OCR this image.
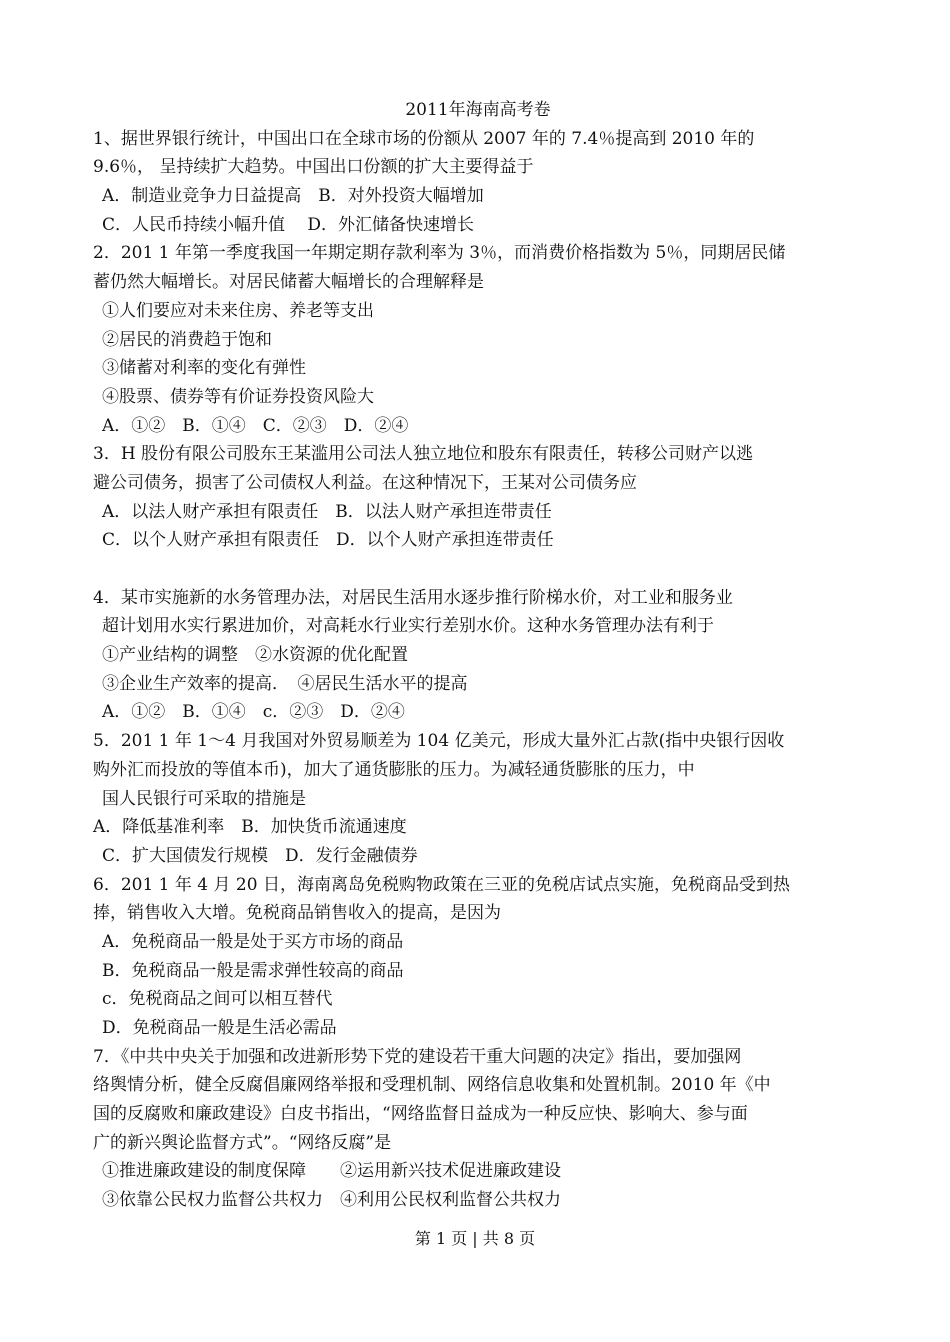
2011年海南高考卷
1、据世界银行统计，中国出口在全球市场的份额从 2007 年的 7.4％提高到 2010 年的
9.6％， 呈持续扩大趋势。中国出口份额的扩大主要得益于
A．制造业竞争力日益提高　B．对外投资大幅增加
C．人民币持续小幅升值　 D．外汇储备快速增长
2．201 1 年第一季度我国一年期定期存款利率为 3％，而消费价格指数为 5％，同期居民储
蓄仍然大幅增长。对居民储蓄大幅增长的合理解释是
①人们要应对未来住房、养老等支出
②居民的消费趋于饱和
③储蓄对利率的变化有弹性
④股票、债券等有价证券投资风险大
A．①②　B．①④　C．②③　D．②④
3．H 股份有限公司股东王某滥用公司法人独立地位和股东有限责任，转移公司财产以逃
避公司债务，损害了公司债权人利益。在这种情况下，王某对公司债务应
A．以法人财产承担有限责任　B．以法人财产承担连带责任
C．以个人财产承担有限责任　D．以个人财产承担连带责任
4．某市实施新的水务管理办法，对居民生活用水逐步推行阶梯水价，对工业和服务业
超计划用水实行累进加价，对高耗水行业实行差别水价。这种水务管理办法有利于
①产业结构的调整　②水资源的优化配置
③企业生产效率的提高．　④居民生活水平的提高
A．①②　B．①④　c．②③　D．②④
5．201 1 年 1～4 月我国对外贸易顺差为 104 亿美元，形成大量外汇占款(指中央银行因收
购外汇而投放的等值本币)，加大了通货膨胀的压力。为减轻通货膨胀的压力，中
国人民银行可采取的措施是
A．降低基准利率　B．加快货币流通速度
C．扩大国债发行规模　D．发行金融债券
6．201 1 年 4 月 20 日，海南离岛免税购物政策在三亚的免税店试点实施，免税商品受到热
捧，销售收入大增。免税商品销售收入的提高，是因为
A．免税商品一般是处于买方市场的商品
B．免税商品一般是需求弹性较高的商品
c．免税商品之间可以相互替代
D．免税商品一般是生活必需品
7．《中共中央关于加强和改进新形势下党的建设若干重大问题的决定》指出，要加强网
络舆情分析，健全反腐倡廉网络举报和受理机制、网络信息收集和处置机制。2010 年《中
国的反腐败和廉政建设》白皮书指出，“网络监督日益成为一种反应快、影响大、参与面
广的新兴舆论监督方式”。“网络反腐”是
①推进廉政建设的制度保障　　②运用新兴技术促进廉政建设
③依靠公民权力监督公共权力　④利用公民权利监督公共权力
第 1 页 | 共 8 页
